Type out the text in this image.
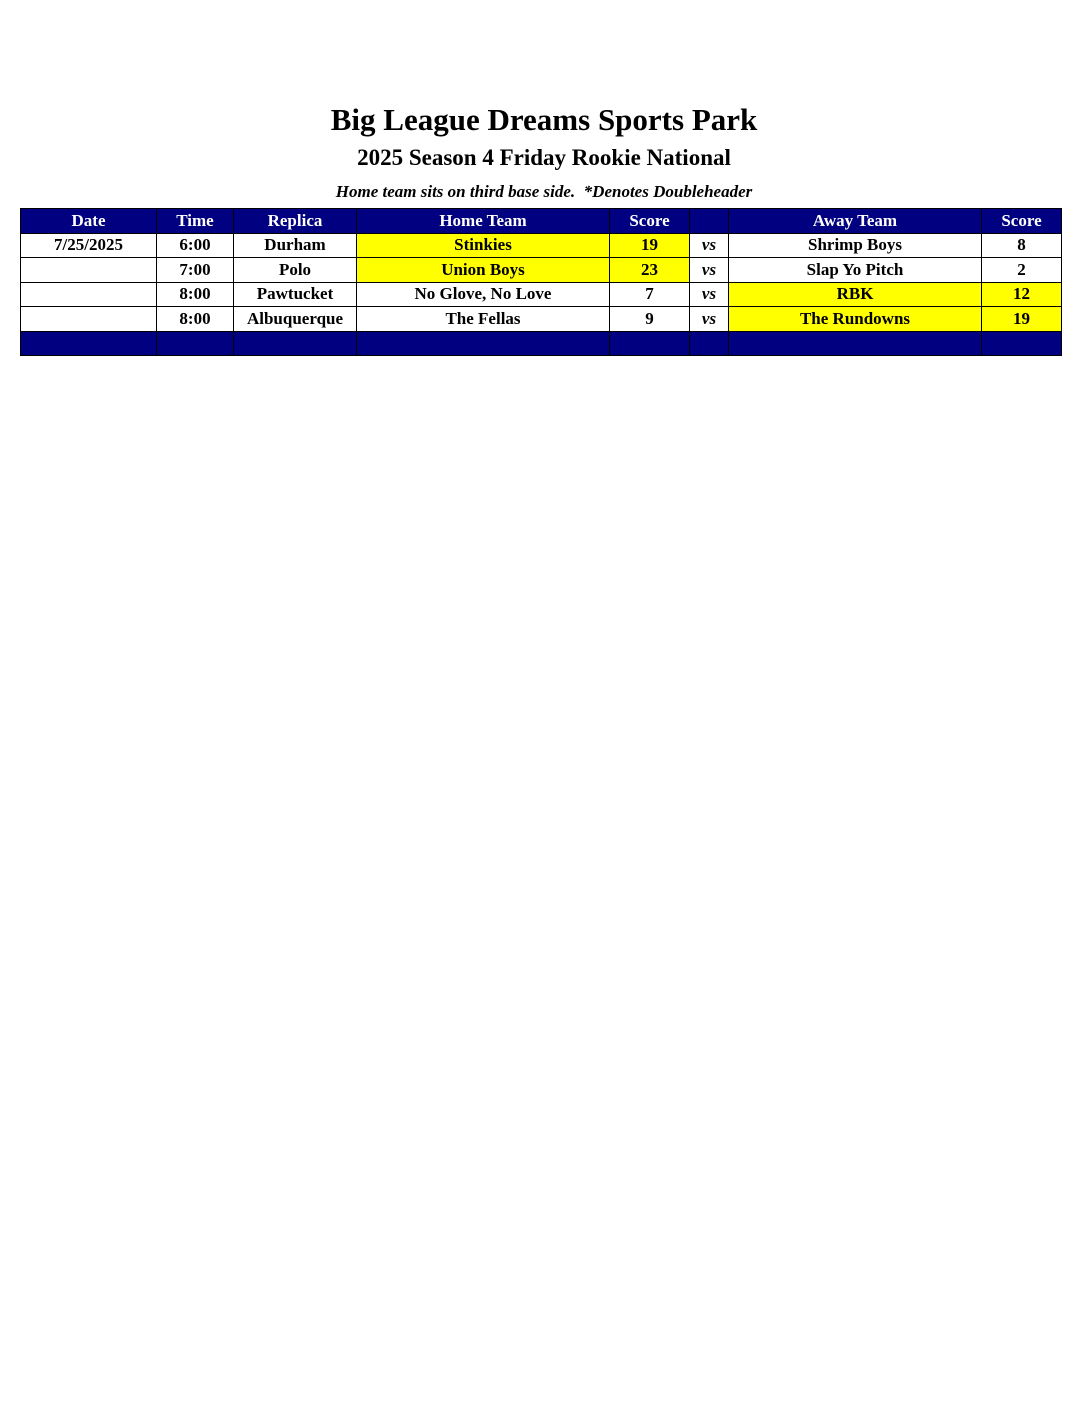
Big League Dreams Sports Park
2025 Season 4 Friday Rookie National
Home team sits on third base side.  *Denotes Doubleheader
Date	Time	Replica	Home Team	Score		Away Team	Score
7/25/2025	6:00	Durham	Stinkies	19	vs	Shrimp Boys	8
	7:00	Polo	Union Boys	23	vs	Slap Yo Pitch	2
	8:00	Pawtucket	No Glove, No Love	7	vs	RBK	12
	8:00	Albuquerque	The Fellas	9	vs	The Rundowns	19
